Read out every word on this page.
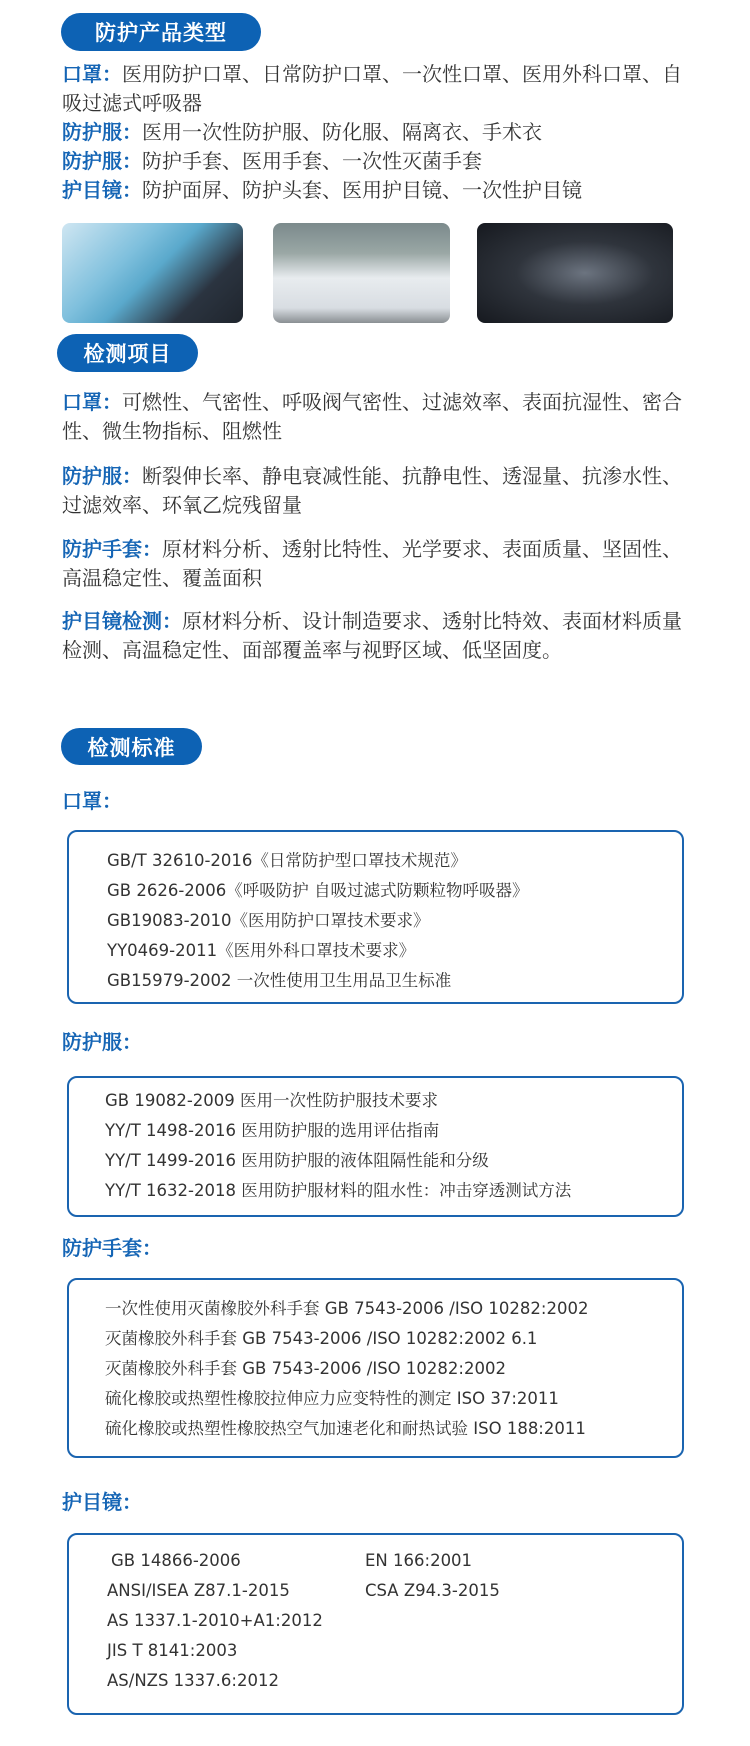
防护产品类型
口罩：医用防护口罩、日常防护口罩、一次性口罩、医用外科口罩、自吸过滤式呼吸器
防护服：医用一次性防护服、防化服、隔离衣、手术衣
防护服：防护手套、医用手套、一次性灭菌手套
护目镜：防护面屏、防护头套、医用护目镜、一次性护目镜
检测项目
口罩：可燃性、气密性、呼吸阀气密性、过滤效率、表面抗湿性、密合性、微生物指标、阻燃性
防护服：断裂伸长率、静电衰减性能、抗静电性、透湿量、抗渗水性、过滤效率、环氧乙烷残留量
防护手套：原材料分析、透射比特性、光学要求、表面质量、坚固性、高温稳定性、覆盖面积
护目镜检测：原材料分析、设计制造要求、透射比特效、表面材料质量检测、高温稳定性、面部覆盖率与视野区域、低坚固度。
检测标准
口罩：
GB/T 32610-2016《日常防护型口罩技术规范》
GB 2626-2006《呼吸防护 自吸过滤式防颗粒物呼吸器》
GB19083-2010《医用防护口罩技术要求》
YY0469-2011《医用外科口罩技术要求》
GB15979-2002 一次性使用卫生用品卫生标准
防护服：
GB 19082-2009 医用一次性防护服技术要求
YY/T 1498-2016 医用防护服的选用评估指南
YY/T 1499-2016 医用防护服的液体阻隔性能和分级
YY/T 1632-2018 医用防护服材料的阻水性：冲击穿透测试方法
防护手套：
一次性使用灭菌橡胶外科手套 GB 7543-2006 /ISO 10282:2002
灭菌橡胶外科手套 GB 7543-2006 /ISO 10282:2002 6.1
灭菌橡胶外科手套 GB 7543-2006 /ISO 10282:2002
硫化橡胶或热塑性橡胶拉伸应力应变特性的测定 ISO 37:2011
硫化橡胶或热塑性橡胶热空气加速老化和耐热试验 ISO 188:2011
护目镜：
GB 14866-2006	EN 166:2001
ANSI/ISEA Z87.1-2015	CSA Z94.3-2015
AS 1337.1-2010+A1:2012
JIS T 8141:2003
AS/NZS 1337.6:2012
